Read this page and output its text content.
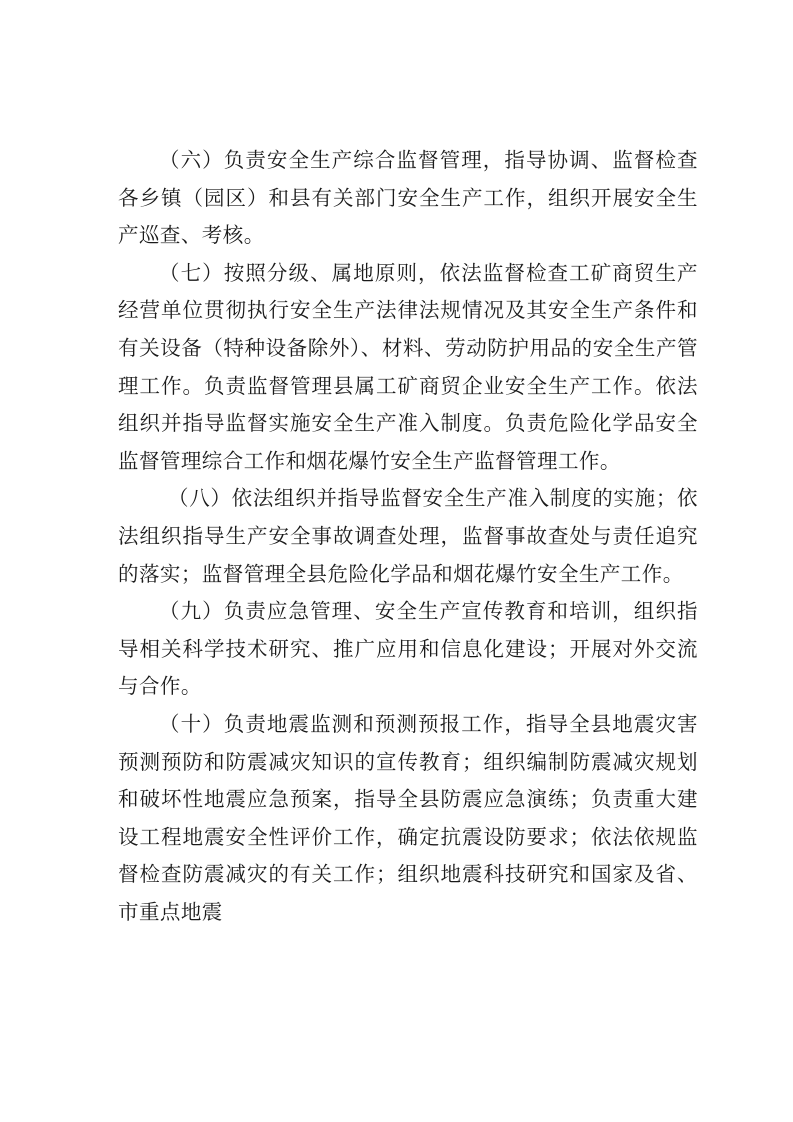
（六）负责安全生产综合监督管理，指导协调、监督检查各乡镇（园区）和县有关部门安全生产工作，组织开展安全生产巡查、考核。

（七）按照分级、属地原则，依法监督检查工矿商贸生产经营单位贯彻执行安全生产法律法规情况及其安全生产条件和有关设备（特种设备除外）、材料、劳动防护用品的安全生产管理工作。负责监督管理县属工矿商贸企业安全生产工作。依法组织并指导监督实施安全生产准入制度。负责危险化学品安全监督管理综合工作和烟花爆竹安全生产监督管理工作。

（八）依法组织并指导监督安全生产准入制度的实施；依法组织指导生产安全事故调查处理，监督事故查处与责任追究的落实；监督管理全县危险化学品和烟花爆竹安全生产工作。

（九）负责应急管理、安全生产宣传教育和培训，组织指导相关科学技术研究、推广应用和信息化建设；开展对外交流与合作。

（十）负责地震监测和预测预报工作，指导全县地震灾害预测预防和防震减灾知识的宣传教育；组织编制防震减灾规划和破坏性地震应急预案，指导全县防震应急演练；负责重大建设工程地震安全性评价工作，确定抗震设防要求；依法依规监督检查防震减灾的有关工作；组织地震科技研究和国家及省、市重点地震
